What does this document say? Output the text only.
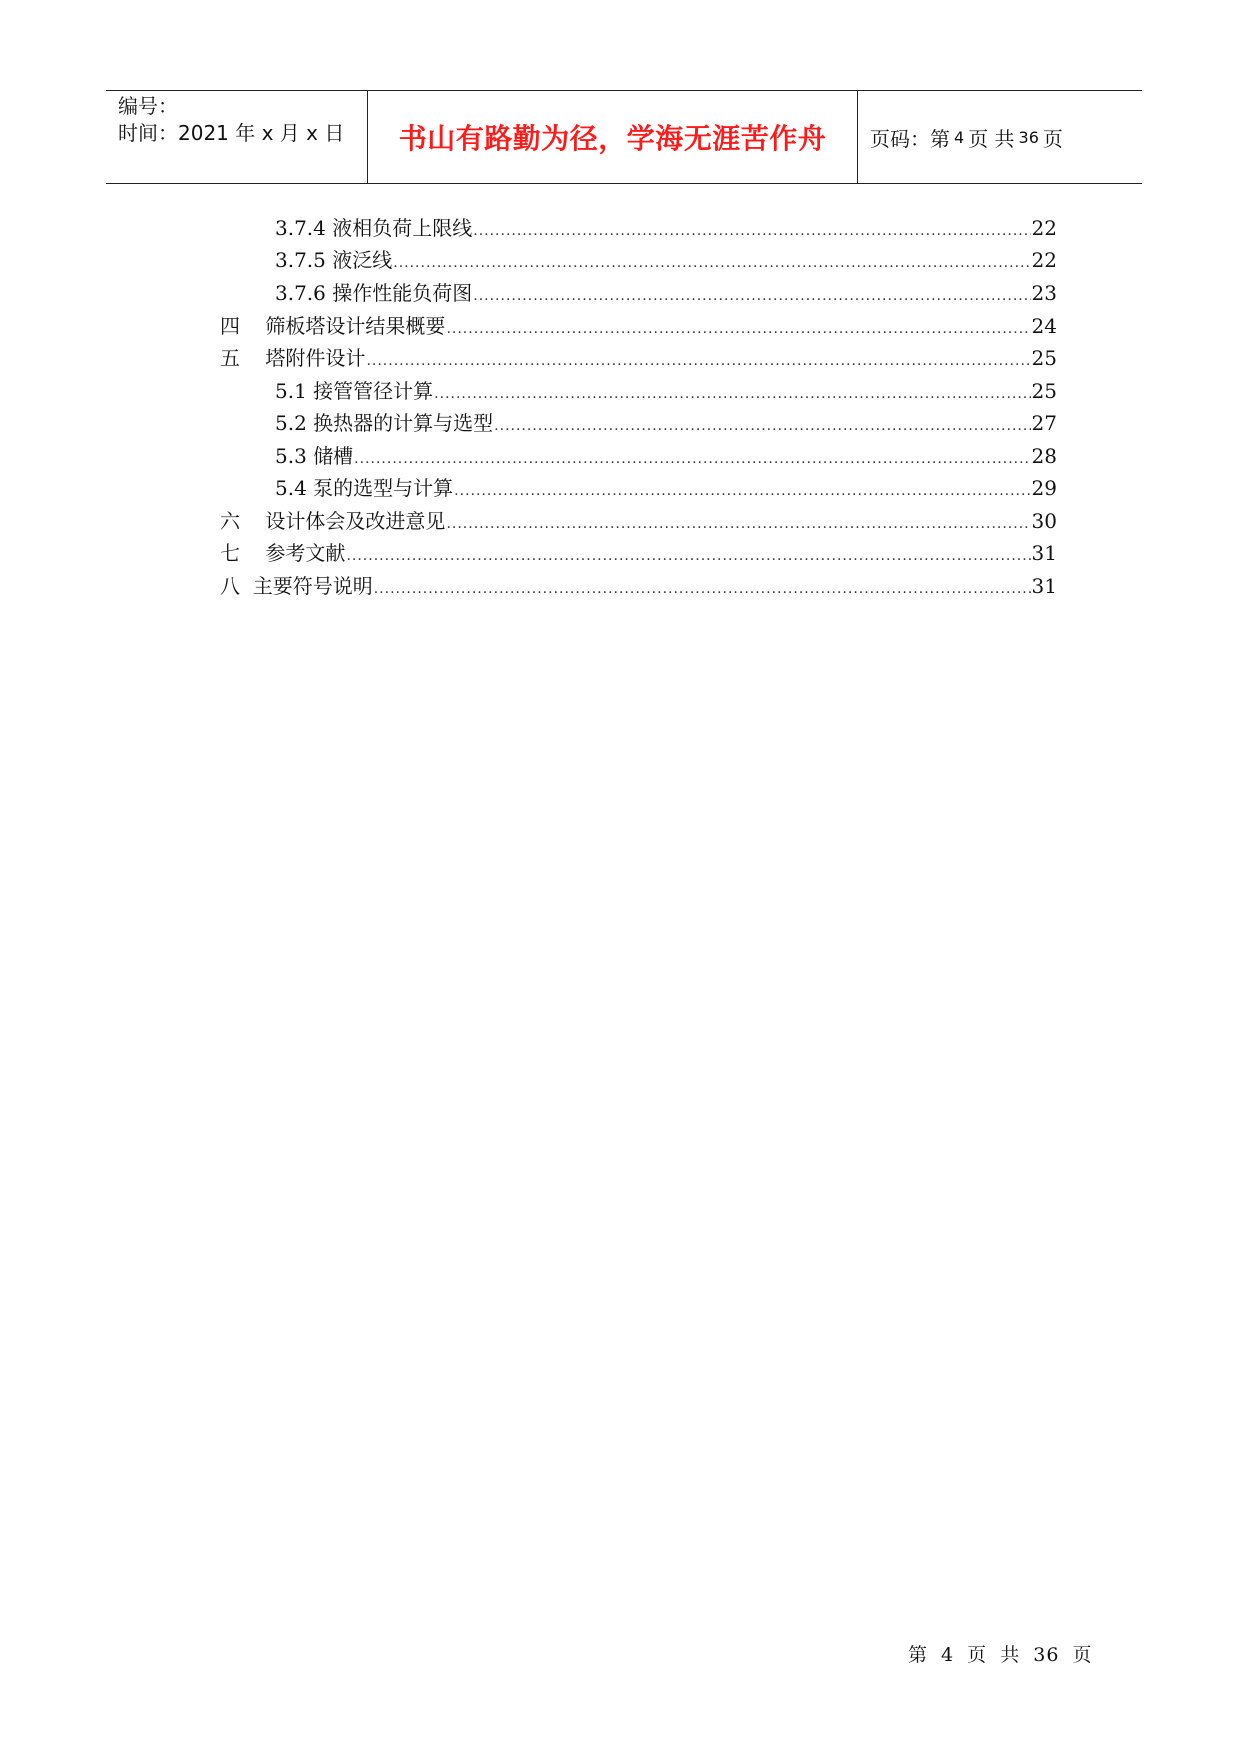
编号：
时间：2021 年 x 月 x 日	书山有路勤为径，学海无涯苦作舟	页码：第 4 页 共 36 页
3.7.4 液相负荷上限线 .....	22
3.7.5 液泛线 .....	22
3.7.6 操作性能负荷图 .....	23
四    筛板塔设计结果概要 .....	24
五    塔附件设计 .....	25
5.1 接管管径计算 .....	25
5.2 换热器的计算与选型 .....	27
5.3 储槽 .....	28
5.4 泵的选型与计算 .....	29
六    设计体会及改进意见 .....	30
七    参考文献 .....	31
八  主要符号说明 .....	31
第 4 页 共 36 页
